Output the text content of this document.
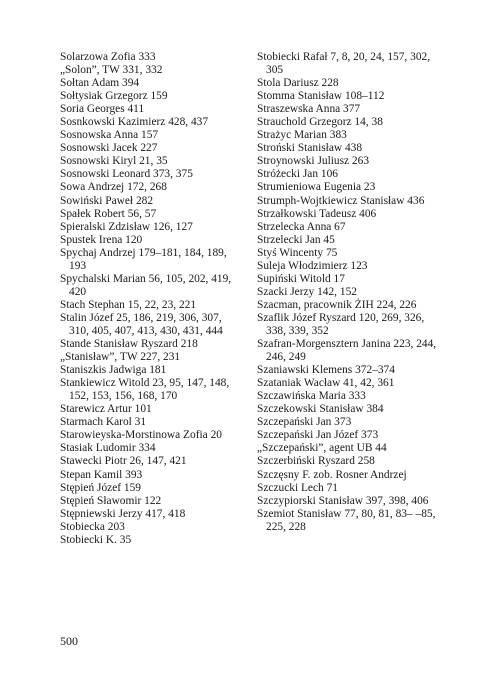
Solarzowa Zofia 333

„Solon”, TW 331, 332

Sołtan Adam 394

Sołtysiak Grzegorz 159

Soria Georges 411

Sosnkowski Kazimierz 428, 437

Sosnowska Anna 157

Sosnowski Jacek 227

Sosnowski Kiryl 21, 35

Sosnowski Leonard 373, 375

Sowa Andrzej 172, 268

Sowiński Paweł 282

Spałek Robert 56, 57

Spieralski Zdzisław 126, 127

Spustek Irena 120

Spychaj Andrzej 179–181, 184, 189, 193

Spychalski Marian 56, 105, 202, 419, 420

Stach Stephan 15, 22, 23, 221

Stalin Józef 25, 186, 219, 306, 307, 310, 405, 407, 413, 430, 431, 444

Stande Stanisław Ryszard 218

„Stanisław”, TW 227, 231

Staniszkis Jadwiga 181

Stankiewicz Witold 23, 95, 147, 148, 152, 153, 156, 168, 170

Starewicz Artur 101

Starmach Karol 31

Starowieyska-Morstinowa Zofia 20

Stasiak Ludomir 334

Stawecki Piotr 26, 147, 421

Stepan Kamil 393

Stępień Józef 159

Stępień Sławomir 122

Stępniewski Jerzy 417, 418

Stobiecka 203

Stobiecki K. 35

Stobiecki Rafał 7, 8, 20, 24, 157, 302, 305

Stola Dariusz 228

Stomma Stanisław 108–112

Straszewska Anna 377

Strauchold Grzegorz 14, 38

Strażyc Marian 383

Stroński Stanisław 438

Stroynowski Juliusz 263

Stróżecki Jan 106

Strumieniowa Eugenia 23

Strumph-Wojtkiewicz Stanisław 436

Strzałkowski Tadeusz 406

Strzelecka Anna 67

Strzelecki Jan 45

Styś Wincenty 75

Suleja Włodzimierz 123

Supiński Witold 17

Szacki Jerzy 142, 152

Szacman, pracownik ŻIH 224, 226

Szaflik Józef Ryszard 120, 269, 326, 338, 339, 352

Szafran-Morgensztern Janina 223, 244, 246, 249

Szaniawski Klemens 372–374

Szataniak Wacław 41, 42, 361

Szczawińska Maria 333

Szczekowski Stanisław 384

Szczepański Jan 373

Szczepański Jan Józef 373

„Szczepański”, agent UB 44

Szczerbiński Ryszard 258

Szczęsny F. zob. Rosner Andrzej

Szczucki Lech 71

Szczypiorski Stanisław 397, 398, 406

Szemiot Stanisław 77, 80, 81, 83– –85, 225, 228

500
